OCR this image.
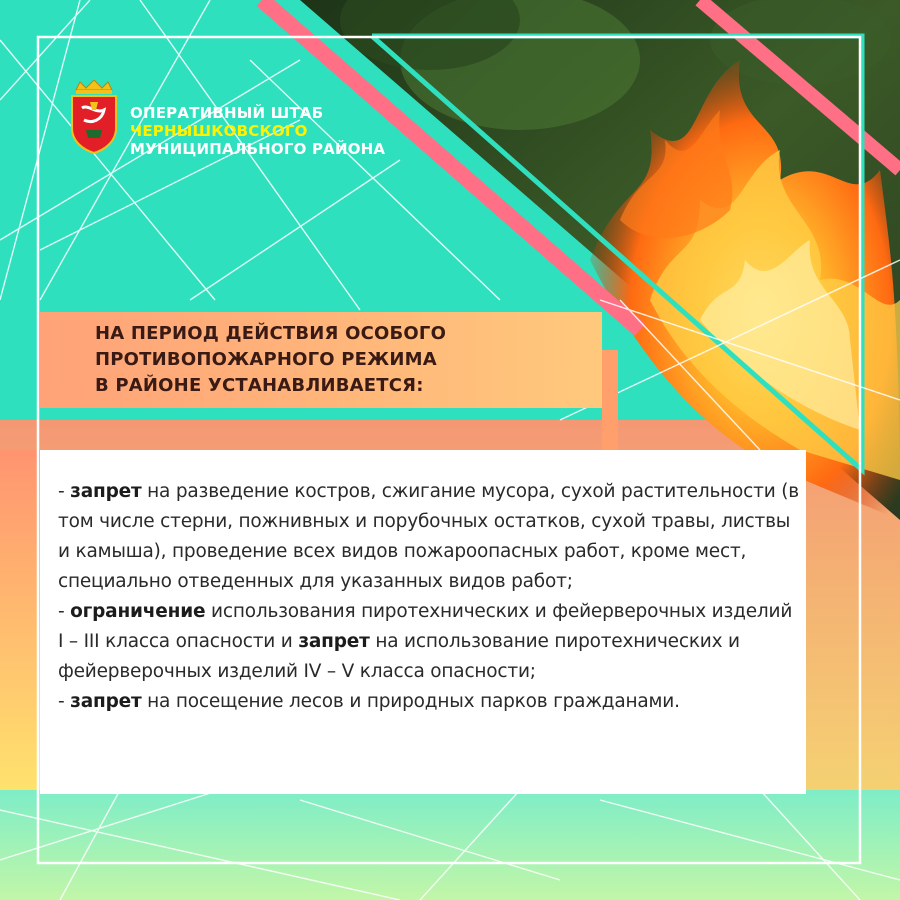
ОПЕРАТИВНЫЙ ШТАБ
ЧЕРНЫШКОВСКОГО
МУНИЦИПАЛЬНОГО РАЙОНА
НА ПЕРИОД ДЕЙСТВИЯ ОСОБОГО
ПРОТИВОПОЖАРНОГО РЕЖИМА
В РАЙОНЕ УСТАНАВЛИВАЕТСЯ:

- запрет на разведение костров, сжигание мусора, сухой растительности (в том числе стерни, пожнивных и порубочных остатков, сухой травы, листвы и камыша), проведение всех видов пожароопасных работ, кроме мест, специально отведенных для указанных видов работ;

- ограничение использования пиротехнических и фейерверочных изделий I – III класса опасности и запрет на использование пиротехнических и фейерверочных изделий IV – V класса опасности;

- запрет на посещение лесов и природных парков гражданами.
